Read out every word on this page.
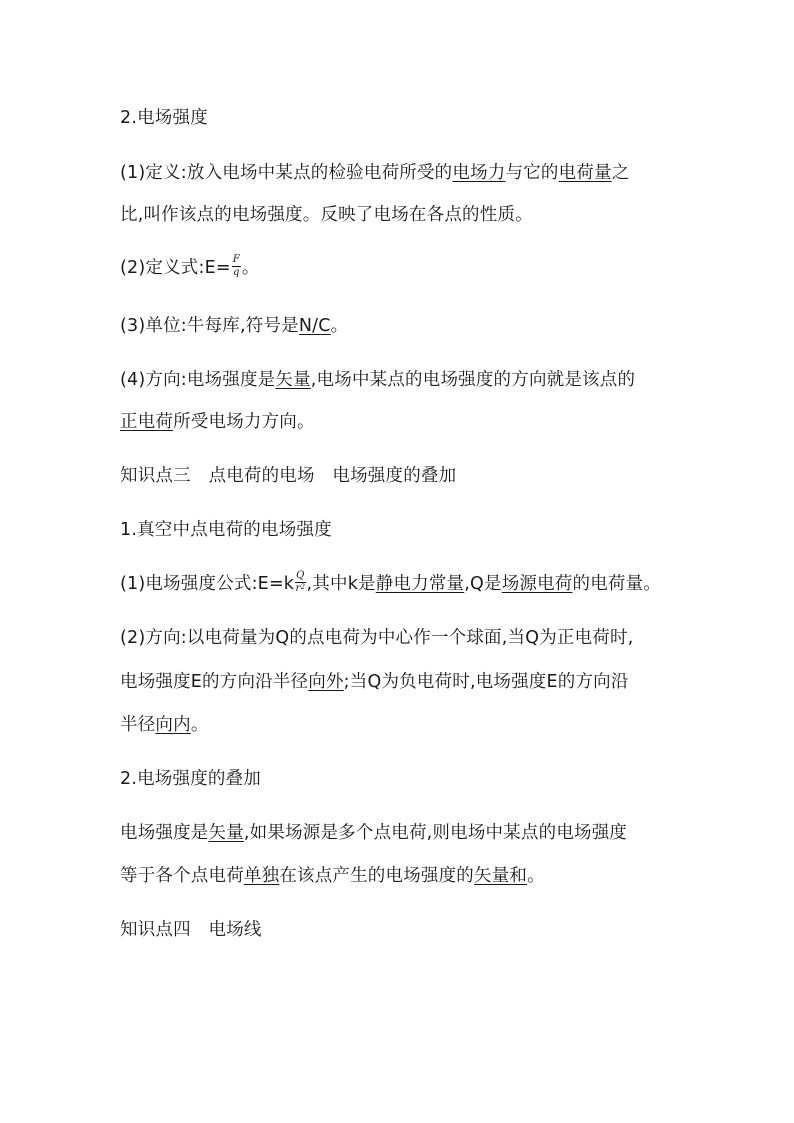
2.电场强度
(1)定义:放入电场中某点的检验电荷所受的电场力与它的电荷量之
比,叫作该点的电场强度。反映了电场在各点的性质。
(2)定义式:E= $\frac{F}{q}$ 。
(3)单位:牛每库,符号是N/C。
(4)方向:电场强度是矢量,电场中某点的电场强度的方向就是该点的
正电荷所受电场力方向。
知识点三　点电荷的电场　电场强度的叠加
1.真空中点电荷的电场强度
(1)电场强度公式:E=k $\frac{Q}{r^2}$ ,其中k是静电力常量,Q是场源电荷的电荷量。
(2)方向:以电荷量为Q的点电荷为中心作一个球面,当Q为正电荷时,
电场强度E的方向沿半径向外;当Q为负电荷时,电场强度E的方向沿
半径向内。
2.电场强度的叠加
电场强度是矢量,如果场源是多个点电荷,则电场中某点的电场强度
等于各个点电荷单独在该点产生的电场强度的矢量和。
知识点四　电场线
